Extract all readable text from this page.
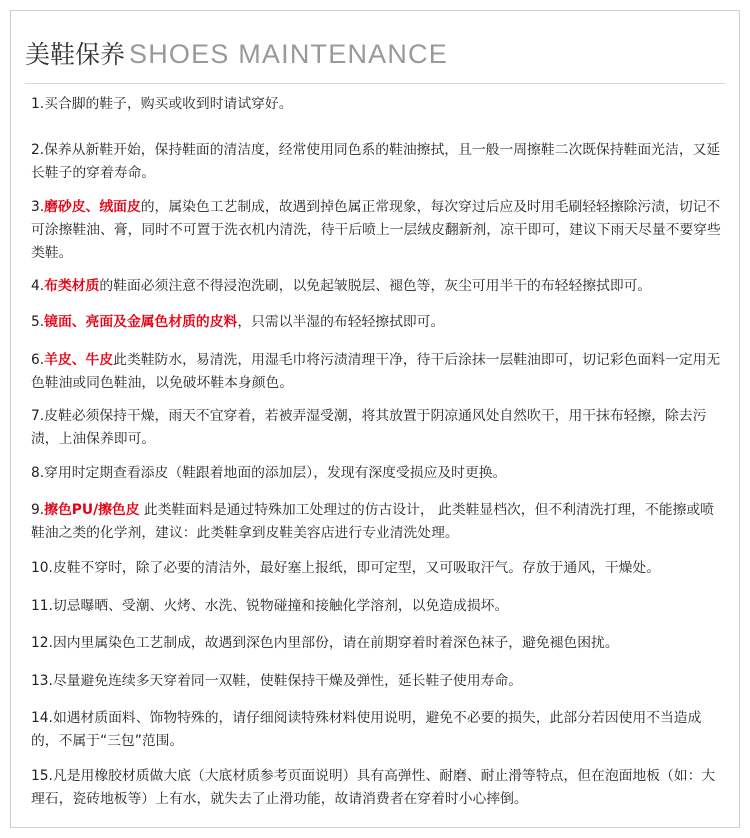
美鞋保养 SHOES MAINTENANCE

1.买合脚的鞋子，购买或收到时请试穿好。

2.保养从新鞋开始，保持鞋面的清洁度，经常使用同色系的鞋油擦拭，且一般一周擦鞋二次既保持鞋面光洁，又延长鞋子的穿着寿命。

3.磨砂皮、绒面皮的，属染色工艺制成，故遇到掉色属正常现象，每次穿过后应及时用毛刷轻轻擦除污渍，切记不可涂擦鞋油、膏，同时不可置于洗衣机内清洗，待干后喷上一层绒皮翻新剂，凉干即可，建议下雨天尽量不要穿些类鞋。

4.布类材质的鞋面必须注意不得浸泡洗刷，以免起皱脱层、褪色等，灰尘可用半干的布轻轻擦拭即可。

5.镜面、亮面及金属色材质的皮料，只需以半湿的布轻轻擦拭即可。

6.羊皮、牛皮此类鞋防水，易清洗，用湿毛巾将污渍清理干净，待干后涂抹一层鞋油即可，切记彩色面料一定用无色鞋油或同色鞋油，以免破坏鞋本身颜色。

7.皮鞋必须保持干燥，雨天不宜穿着，若被弄湿受潮，将其放置于阴凉通风处自然吹干，用干抹布轻擦，除去污渍，上油保养即可。

8.穿用时定期查看添皮（鞋跟着地面的添加层），发现有深度受损应及时更换。

9.擦色PU/擦色皮 此类鞋面料是通过特殊加工处理过的仿古设计， 此类鞋显档次，但不利清洗打理，不能擦或喷鞋油之类的化学剂，建议：此类鞋拿到皮鞋美容店进行专业清洗处理。

10.皮鞋不穿时，除了必要的清洁外，最好塞上报纸，即可定型，又可吸取汗气。存放于通风，干燥处。

11.切忌曝晒、受潮、火烤、水洗、锐物碰撞和接触化学溶剂，以免造成损坏。

12.因内里属染色工艺制成，故遇到深色内里部份，请在前期穿着时着深色袜子，避免褪色困扰。

13.尽量避免连续多天穿着同一双鞋，使鞋保持干燥及弹性，延长鞋子使用寿命。

14.如遇材质面料、饰物特殊的，请仔细阅读特殊材料使用说明，避免不必要的损失，此部分若因使用不当造成的，不属于“三包”范围。

15.凡是用橡胶材质做大底（大底材质参考页面说明）具有高弹性、耐磨、耐止滑等特点，但在泡面地板（如：大理石，瓷砖地板等）上有水，就失去了止滑功能，故请消费者在穿着时小心摔倒。
